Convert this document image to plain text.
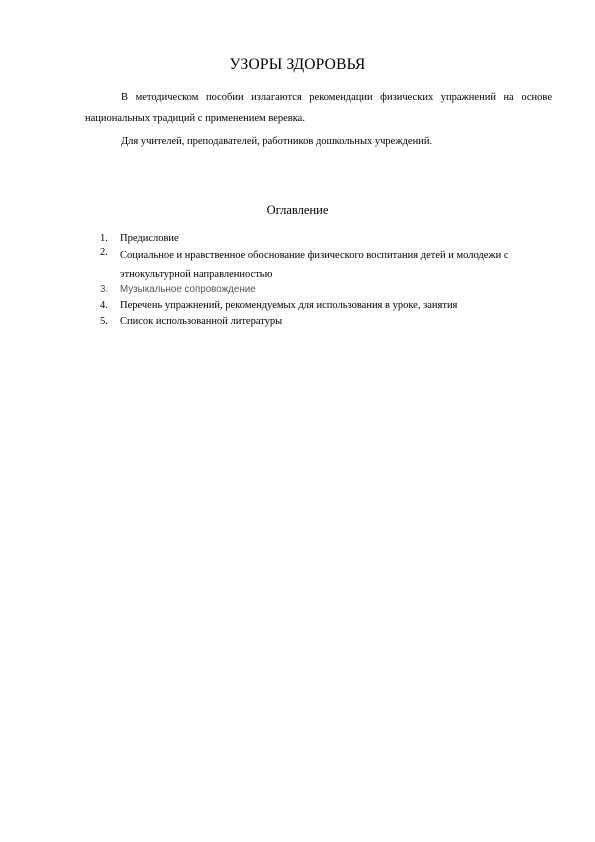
УЗОРЫ ЗДОРОВЬЯ

В методическом пособии излагаются рекомендации физических упражнений на основе национальных традиций с применением веревка.

Для учителей, преподавателей, работников дошкольных учреждений.

Оглавление
1.	Предисловие
2.	Социальное и нравственное обоснование физического воспитания детей и молодежи с этнокультурной направленностью
3.	Музыкальное сопровождение
4.	Перечень упражнений, рекомендуемых для использования в уроке, занятия
5.	Список использованной литературы
